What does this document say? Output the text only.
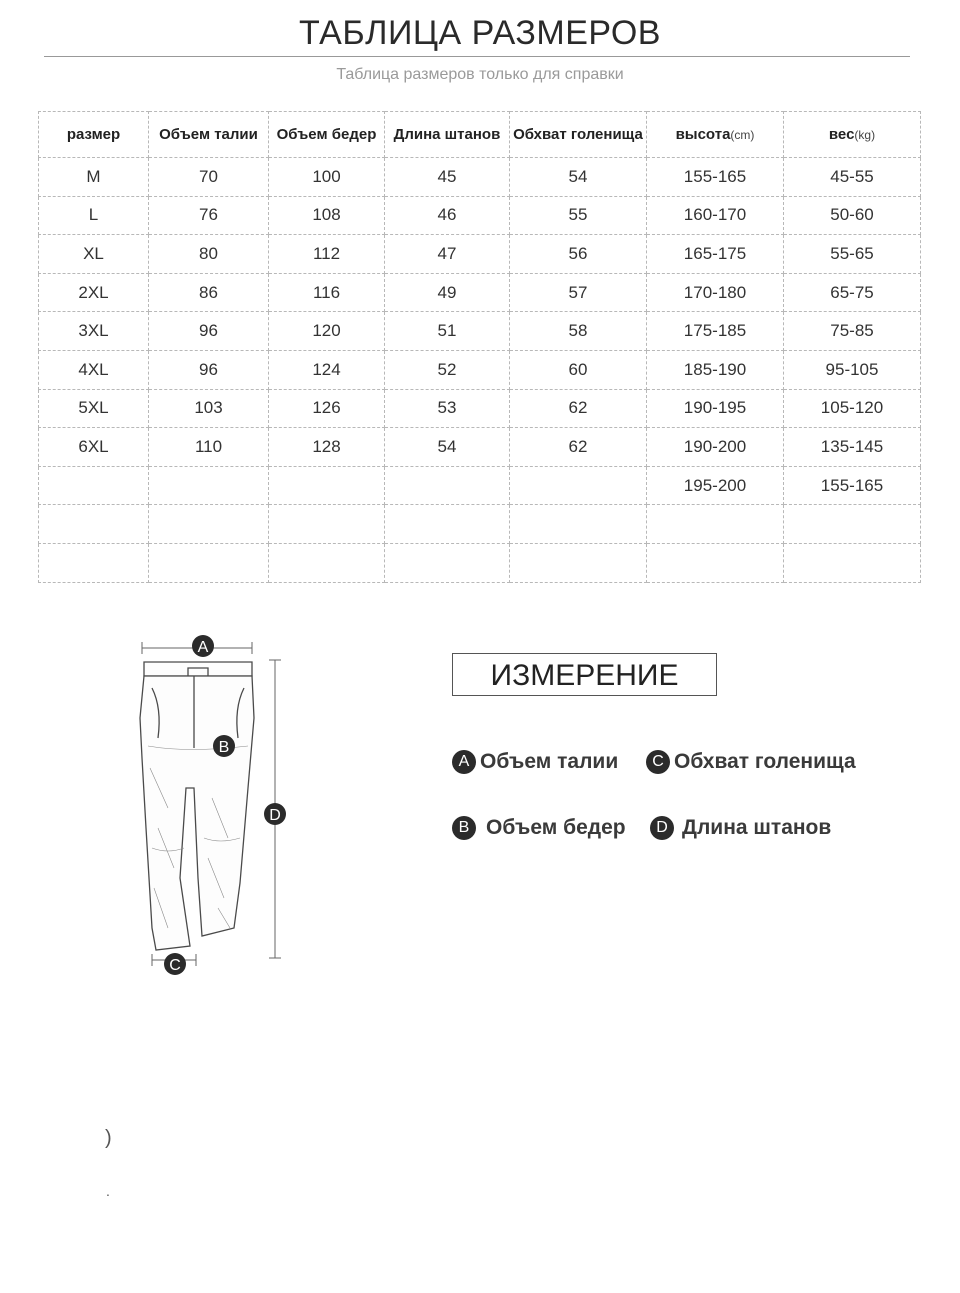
ТАБЛИЦА РАЗМЕРОВ
Таблица размеров только для справки
размер	Объем талии	Объем бедер	Длина штанов	Обхват голенища	высота(cm)	вес(kg)
M	70	100	45	54	155-165	45-55
L	76	108	46	55	160-170	50-60
XL	80	112	47	56	165-175	55-65
2XL	86	116	49	57	170-180	65-75
3XL	96	120	51	58	175-185	75-85
4XL	96	124	52	60	185-190	95-105
5XL	103	126	53	62	190-195	105-120
6XL	110	128	54	62	190-200	135-145
					195-200	155-165

A
B
C
D
ИЗМЕРЕНИЕ
A Объем талии	C Обхват голенища
B Объем бедер	D Длина штанов
)
.
